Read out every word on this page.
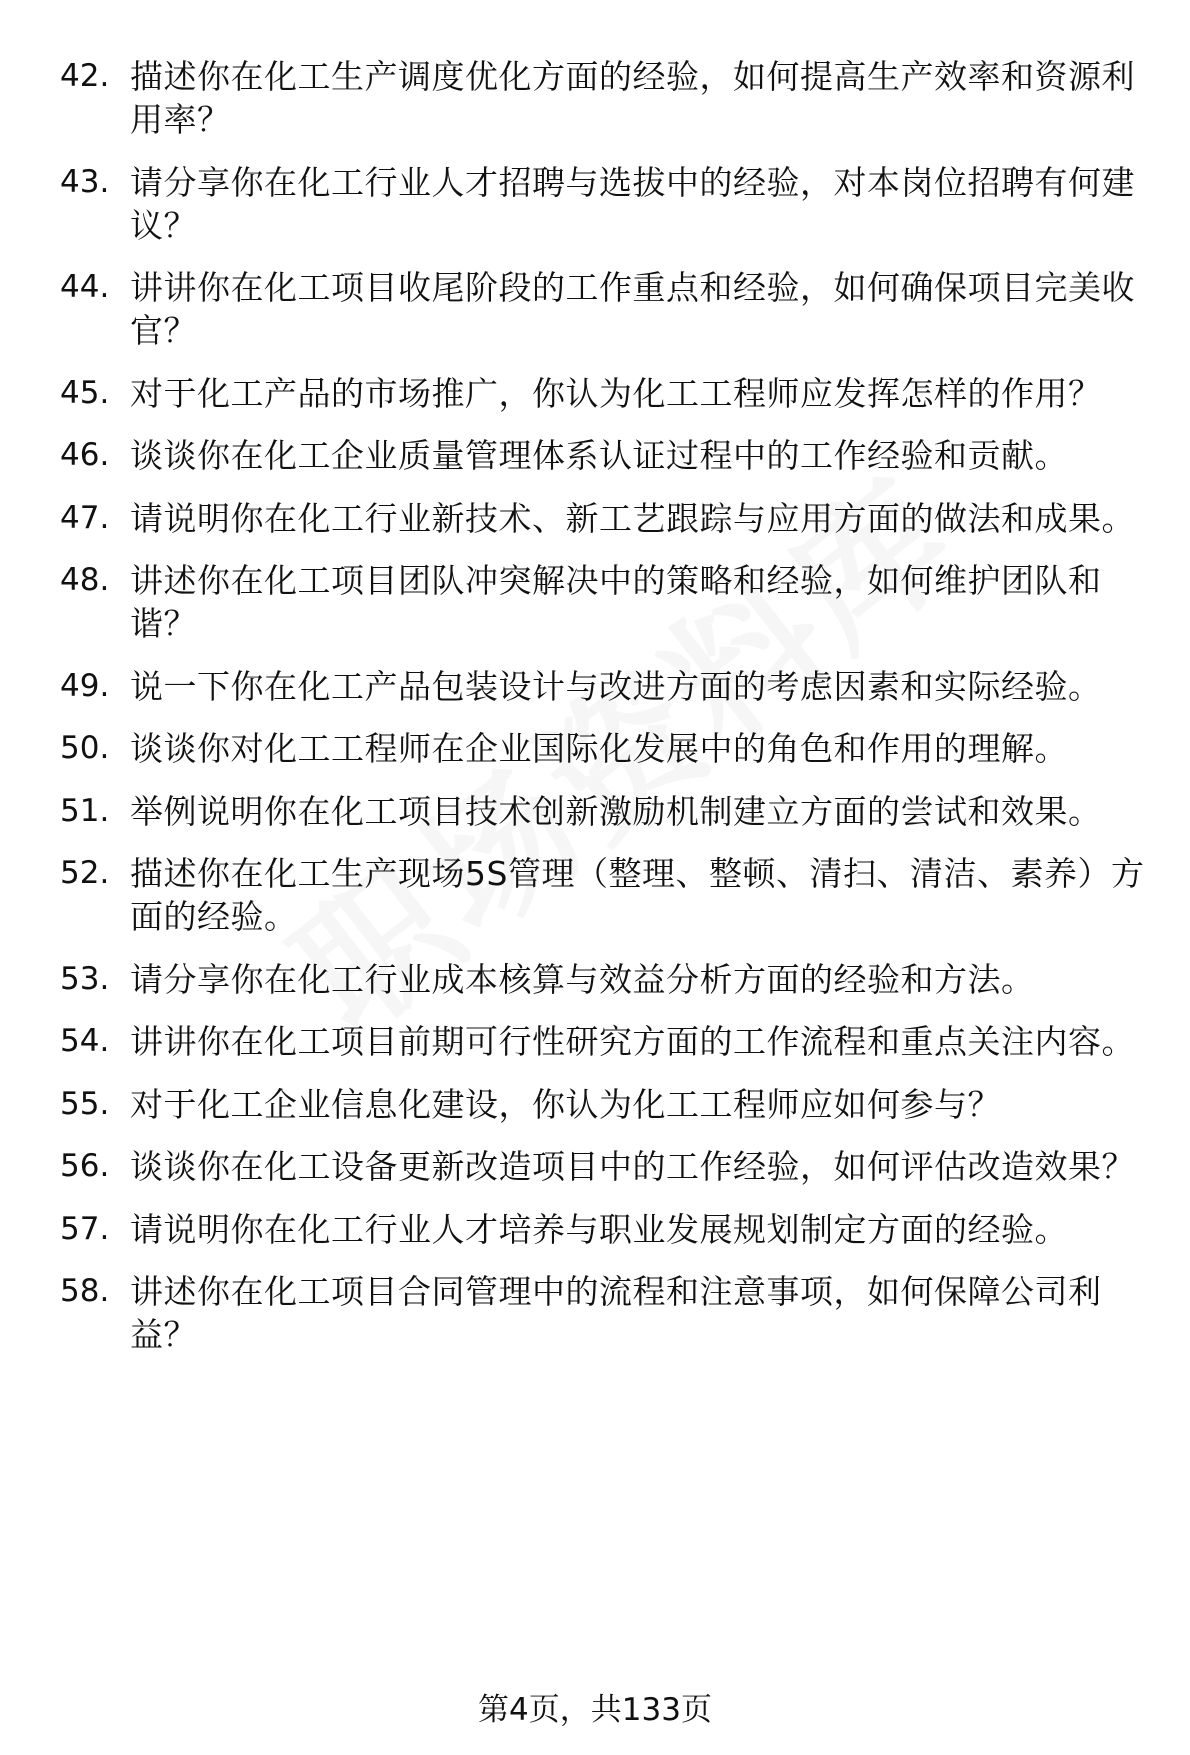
42. 描述你在化工生产调度优化方面的经验，如何提高生产效率和资源利用率？
43. 请分享你在化工行业人才招聘与选拔中的经验，对本岗位招聘有何建议？
44. 讲讲你在化工项目收尾阶段的工作重点和经验，如何确保项目完美收官？
45. 对于化工产品的市场推广，你认为化工工程师应发挥怎样的作用？
46. 谈谈你在化工企业质量管理体系认证过程中的工作经验和贡献。
47. 请说明你在化工行业新技术、新工艺跟踪与应用方面的做法和成果。
48. 讲述你在化工项目团队冲突解决中的策略和经验，如何维护团队和谐？
49. 说一下你在化工产品包装设计与改进方面的考虑因素和实际经验。
50. 谈谈你对化工工程师在企业国际化发展中的角色和作用的理解。
51. 举例说明你在化工项目技术创新激励机制建立方面的尝试和效果。
52. 描述你在化工生产现场5S管理（整理、整顿、清扫、清洁、素养）方面的经验。
53. 请分享你在化工行业成本核算与效益分析方面的经验和方法。
54. 讲讲你在化工项目前期可行性研究方面的工作流程和重点关注内容。
55. 对于化工企业信息化建设，你认为化工工程师应如何参与？
56. 谈谈你在化工设备更新改造项目中的工作经验，如何评估改造效果？
57. 请说明你在化工行业人才培养与职业发展规划制定方面的经验。
58. 讲述你在化工项目合同管理中的流程和注意事项，如何保障公司利益？
第4页，共133页
